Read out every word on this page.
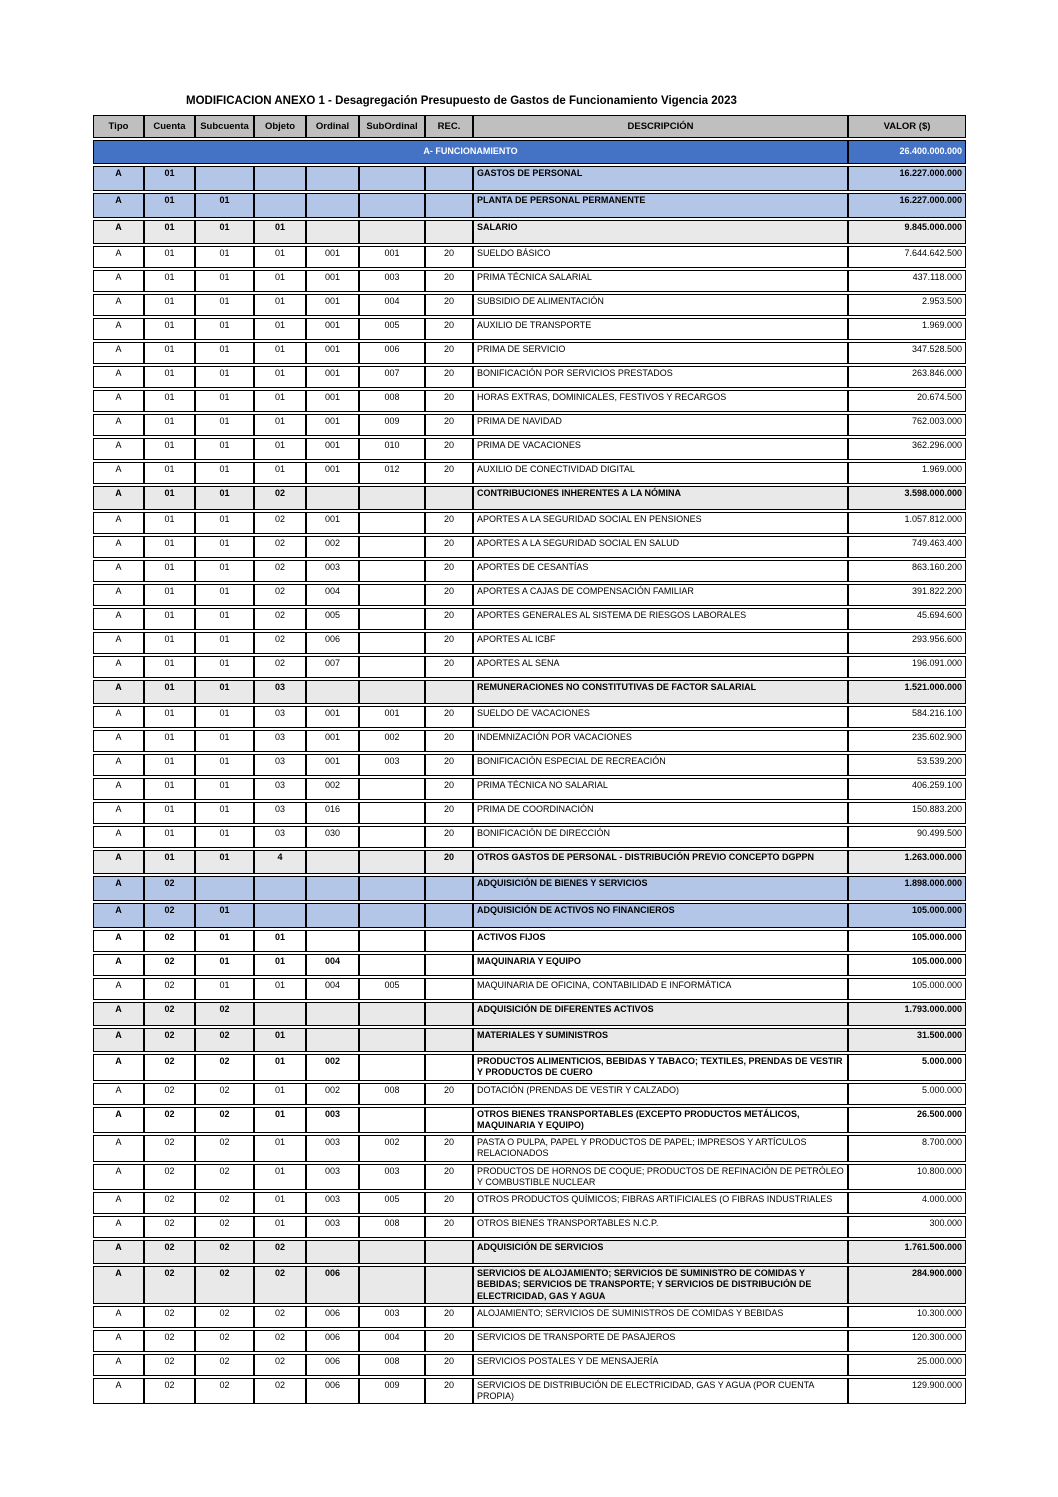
MODIFICACION ANEXO 1 - Desagregación Presupuesto de Gastos de Funcionamiento Vigencia 2023
Tipo	Cuenta	Subcuenta	Objeto	Ordinal	SubOrdinal	REC.	DESCRIPCIÓN	VALOR ($)
A- FUNCIONAMIENTO								26.400.000.000
A	01						GASTOS DE PERSONAL	16.227.000.000
A	01	01					PLANTA DE PERSONAL PERMANENTE	16.227.000.000
A	01	01	01				SALARIO	9.845.000.000
A	01	01	01	001	001	20	SUELDO BÁSICO	7.644.642.500
A	01	01	01	001	003	20	PRIMA TÉCNICA SALARIAL	437.118.000
A	01	01	01	001	004	20	SUBSIDIO DE ALIMENTACIÓN	2.953.500
A	01	01	01	001	005	20	AUXILIO DE TRANSPORTE	1.969.000
A	01	01	01	001	006	20	PRIMA DE SERVICIO	347.528.500
A	01	01	01	001	007	20	BONIFICACIÓN POR SERVICIOS PRESTADOS	263.846.000
A	01	01	01	001	008	20	HORAS EXTRAS, DOMINICALES, FESTIVOS Y RECARGOS	20.674.500
A	01	01	01	001	009	20	PRIMA DE NAVIDAD	762.003.000
A	01	01	01	001	010	20	PRIMA DE VACACIONES	362.296.000
A	01	01	01	001	012	20	AUXILIO DE CONECTIVIDAD DIGITAL	1.969.000
A	01	01	02				CONTRIBUCIONES INHERENTES A LA NÓMINA	3.598.000.000
A	01	01	02	001		20	APORTES A LA SEGURIDAD SOCIAL EN PENSIONES	1.057.812.000
A	01	01	02	002		20	APORTES A LA SEGURIDAD SOCIAL EN SALUD	749.463.400
A	01	01	02	003		20	APORTES DE CESANTÍAS	863.160.200
A	01	01	02	004		20	APORTES A CAJAS DE COMPENSACIÓN FAMILIAR	391.822.200
A	01	01	02	005		20	APORTES GENERALES AL SISTEMA DE RIESGOS LABORALES	45.694.600
A	01	01	02	006		20	APORTES AL ICBF	293.956.600
A	01	01	02	007		20	APORTES AL SENA	196.091.000
A	01	01	03				REMUNERACIONES NO CONSTITUTIVAS DE FACTOR SALARIAL	1.521.000.000
A	01	01	03	001	001	20	SUELDO DE VACACIONES	584.216.100
A	01	01	03	001	002	20	INDEMNIZACIÓN POR VACACIONES	235.602.900
A	01	01	03	001	003	20	BONIFICACIÓN ESPECIAL DE RECREACIÓN	53.539.200
A	01	01	03	002		20	PRIMA TÉCNICA NO SALARIAL	406.259.100
A	01	01	03	016		20	PRIMA DE COORDINACIÓN	150.883.200
A	01	01	03	030		20	BONIFICACIÓN DE DIRECCIÓN	90.499.500
A	01	01	4			20	OTROS GASTOS DE PERSONAL - DISTRIBUCIÓN PREVIO CONCEPTO DGPPN	1.263.000.000
A	02						ADQUISICIÓN DE BIENES Y SERVICIOS	1.898.000.000
A	02	01					ADQUISICIÓN DE ACTIVOS NO FINANCIEROS	105.000.000
A	02	01	01				ACTIVOS FIJOS	105.000.000
A	02	01	01	004			MAQUINARIA Y EQUIPO	105.000.000
A	02	01	01	004	005		MAQUINARIA DE OFICINA, CONTABILIDAD E INFORMÁTICA	105.000.000
A	02	02					ADQUISICIÓN DE DIFERENTES ACTIVOS	1.793.000.000
A	02	02	01				MATERIALES Y SUMINISTROS	31.500.000
A	02	02	01	002			PRODUCTOS ALIMENTICIOS, BEBIDAS Y TABACO; TEXTILES, PRENDAS DE VESTIR Y PRODUCTOS DE CUERO	5.000.000
A	02	02	01	002	008	20	DOTACIÓN (PRENDAS DE VESTIR Y CALZADO)	5.000.000
A	02	02	01	003			OTROS BIENES TRANSPORTABLES (EXCEPTO PRODUCTOS METÁLICOS, MAQUINARIA Y EQUIPO)	26.500.000
A	02	02	01	003	002	20	PASTA O PULPA, PAPEL Y PRODUCTOS DE PAPEL; IMPRESOS Y ARTÍCULOS RELACIONADOS	8.700.000
A	02	02	01	003	003	20	PRODUCTOS DE HORNOS DE COQUE; PRODUCTOS DE REFINACIÓN DE PETRÓLEO Y COMBUSTIBLE NUCLEAR	10.800.000
A	02	02	01	003	005	20	OTROS PRODUCTOS QUÍMICOS; FIBRAS ARTIFICIALES (O FIBRAS INDUSTRIALES	4.000.000
A	02	02	01	003	008	20	OTROS BIENES TRANSPORTABLES N.C.P.	300.000
A	02	02	02				ADQUISICIÓN DE SERVICIOS	1.761.500.000
A	02	02	02	006			SERVICIOS DE ALOJAMIENTO; SERVICIOS DE SUMINISTRO DE COMIDAS Y BEBIDAS; SERVICIOS DE TRANSPORTE; Y SERVICIOS DE DISTRIBUCIÓN DE ELECTRICIDAD, GAS Y AGUA	284.900.000
A	02	02	02	006	003	20	ALOJAMIENTO; SERVICIOS DE SUMINISTROS DE COMIDAS Y BEBIDAS	10.300.000
A	02	02	02	006	004	20	SERVICIOS DE TRANSPORTE DE PASAJEROS	120.300.000
A	02	02	02	006	008	20	SERVICIOS POSTALES Y DE MENSAJERÍA	25.000.000
A	02	02	02	006	009	20	SERVICIOS DE DISTRIBUCIÓN DE ELECTRICIDAD, GAS Y AGUA (POR CUENTA PROPIA)	129.900.000
